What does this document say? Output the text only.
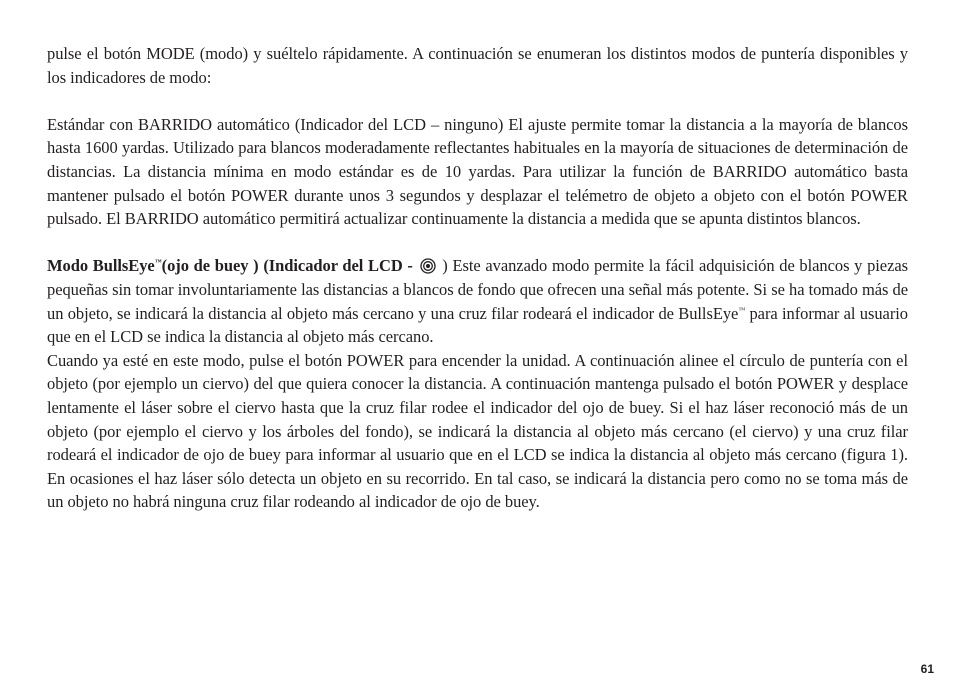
pulse el botón MODE (modo) y suéltelo rápidamente. A continuación se enumeran los distintos modos de puntería disponibles y los indicadores de modo:

Estándar con BARRIDO automático (Indicador del LCD – ninguno) El ajuste permite tomar la distancia a la mayoría de blancos hasta 1600 yardas. Utilizado para blancos moderadamente reflectantes habituales en la mayoría de situaciones de determinación de distancias. La distancia mínima en modo estándar es de 10 yardas. Para utilizar la función de BARRIDO automático basta mantener pulsado el botón POWER durante unos 3 segundos y desplazar el telémetro de objeto a objeto con el botón POWER pulsado. El BARRIDO automático permitirá actualizar continuamente la distancia a medida que se apunta distintos blancos.

Modo BullsEye™(ojo de buey ) (Indicador del LCD - ) Este avanzado modo permite la fácil adquisición de blancos y piezas pequeñas sin tomar involuntariamente las distancias a blancos de fondo que ofrecen una señal más potente. Si se ha tomado más de un objeto, se indicará la distancia al objeto más cercano y una cruz filar rodeará el indicador de BullsEye™ para informar al usuario que en el LCD se indica la distancia al objeto más cercano.

Cuando ya esté en este modo, pulse el botón POWER para encender la unidad. A continuación alinee el círculo de puntería con el objeto (por ejemplo un ciervo) del que quiera conocer la distancia. A continuación mantenga pulsado el botón POWER y desplace lentamente el láser sobre el ciervo hasta que la cruz filar rodee el indicador del ojo de buey. Si el haz láser reconoció más de un objeto (por ejemplo el ciervo y los árboles del fondo), se indicará la distancia al objeto más cercano (el ciervo) y una cruz filar rodeará el indicador de ojo de buey para informar al usuario que en el LCD se indica la distancia al objeto más cercano (figura 1). En ocasiones el haz láser sólo detecta un objeto en su recorrido. En tal caso, se indicará la distancia pero como no se toma más de un objeto no habrá ninguna cruz filar rodeando al indicador de ojo de buey.

61
